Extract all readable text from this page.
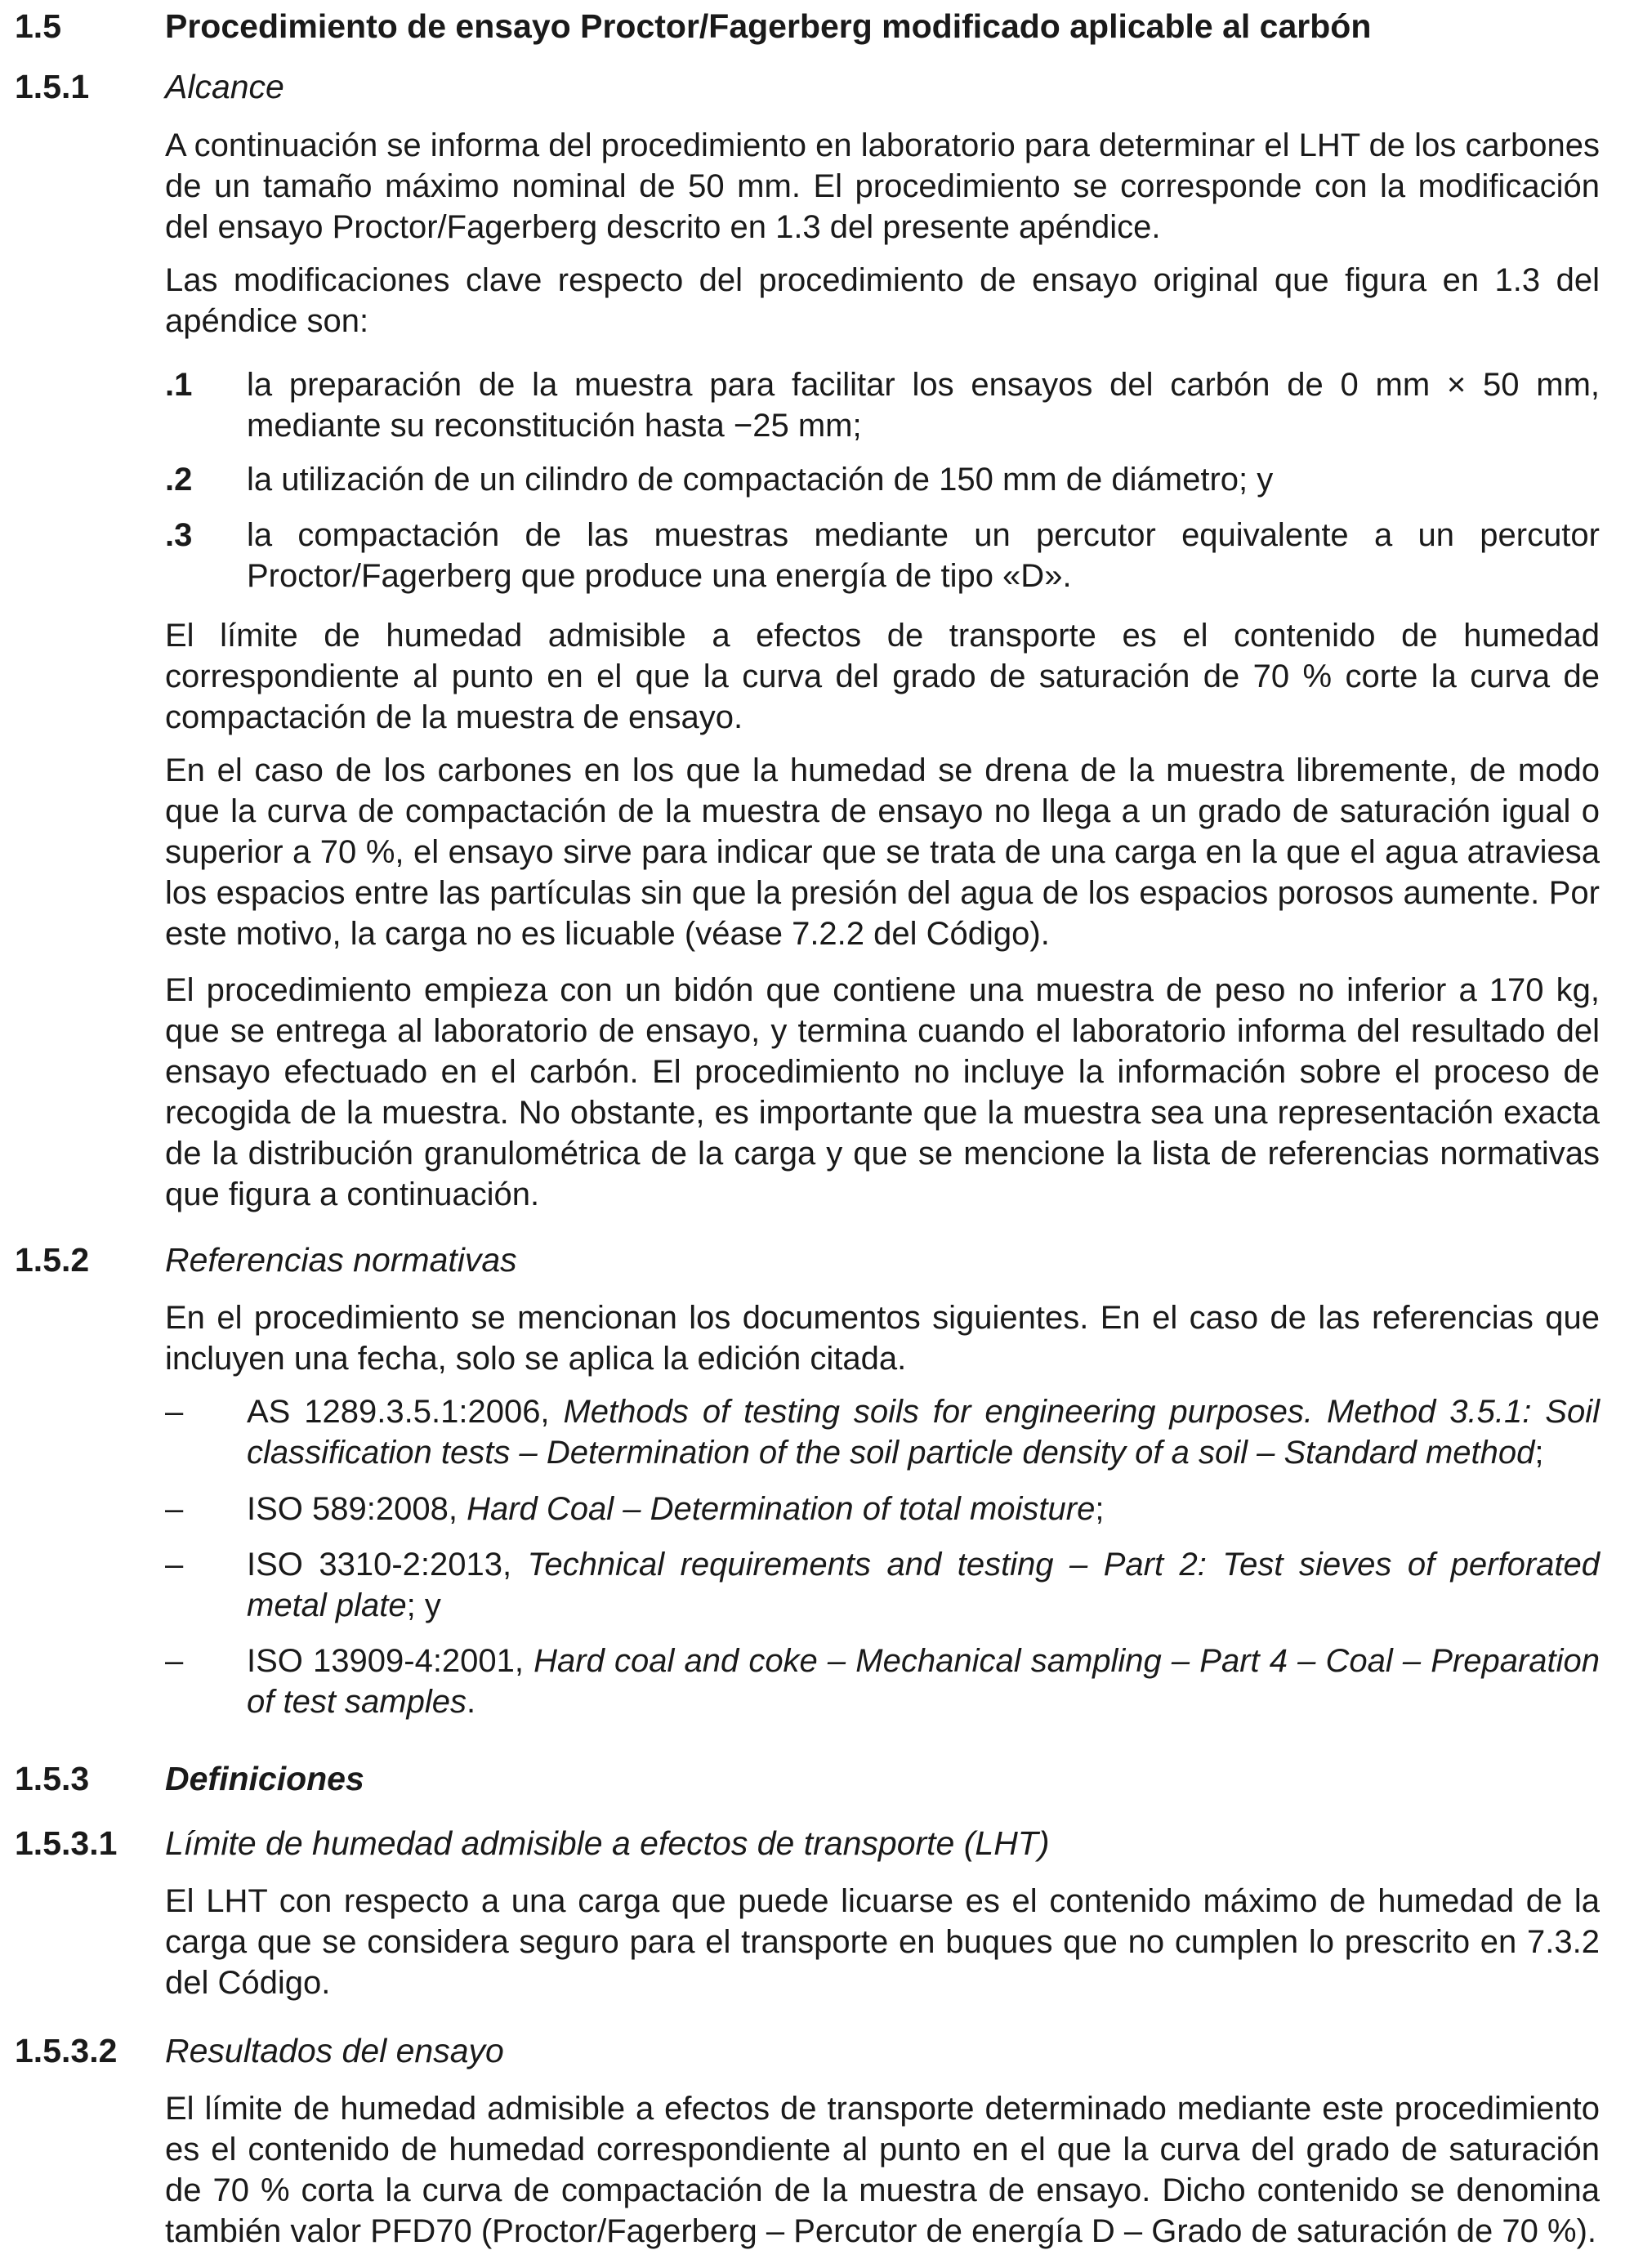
1.5	Procedimiento de ensayo Proctor/Fagerberg modificado aplicable al carbón
1.5.1 Alcance

A continuación se informa del procedimiento en laboratorio para determinar el LHT de los carbones de un tamaño máximo nominal de 50 mm. El procedimiento se corresponde con la modificación del ensayo Proctor/Fagerberg descrito en 1.3 del presente apéndice.

Las modificaciones clave respecto del procedimiento de ensayo original que figura en 1.3 del apéndice son:

.1 la preparación de la muestra para facilitar los ensayos del carbón de 0 mm × 50 mm, mediante su reconstitución hasta −25 mm;
.2 la utilización de un cilindro de compactación de 150 mm de diámetro; y
.3 la compactación de las muestras mediante un percutor equivalente a un percutor Proctor/Fagerberg que produce una energía de tipo «D».

El límite de humedad admisible a efectos de transporte es el contenido de humedad correspondiente al punto en el que la curva del grado de saturación de 70 % corte la curva de compactación de la muestra de ensayo.

En el caso de los carbones en los que la humedad se drena de la muestra libremente, de modo que la curva de compactación de la muestra de ensayo no llega a un grado de saturación igual o superior a 70 %, el ensayo sirve para indicar que se trata de una carga en la que el agua atraviesa los espacios entre las partículas sin que la presión del agua de los espacios porosos aumente. Por este motivo, la carga no es licuable (véase 7.2.2 del Código).

El procedimiento empieza con un bidón que contiene una muestra de peso no inferior a 170 kg, que se entrega al laboratorio de ensayo, y termina cuando el laboratorio informa del resultado del ensayo efectuado en el carbón. El procedimiento no incluye la información sobre el proceso de recogida de la muestra. No obstante, es importante que la muestra sea una representación exacta de la distribución granulométrica de la carga y que se mencione la lista de referencias normativas que figura a continuación.

1.5.2 Referencias normativas

En el procedimiento se mencionan los documentos siguientes. En el caso de las referencias que incluyen una fecha, solo se aplica la edición citada.

– AS 1289.3.5.1:2006, Methods of testing soils for engineering purposes. Method 3.5.1: Soil classification tests – Determination of the soil particle density of a soil – Standard method;
– ISO 589:2008, Hard Coal – Determination of total moisture;
– ISO 3310-2:2013, Technical requirements and testing – Part 2: Test sieves of perforated metal plate; y
– ISO 13909-4:2001, Hard coal and coke – Mechanical sampling – Part 4 – Coal – Preparation of test samples.
1.5.3 Definiciones
1.5.3.1 Límite de humedad admisible a efectos de transporte (LHT)

El LHT con respecto a una carga que puede licuarse es el contenido máximo de humedad de la carga que se considera seguro para el transporte en buques que no cumplen lo prescrito en 7.3.2 del Código.

1.5.3.2 Resultados del ensayo

El límite de humedad admisible a efectos de transporte determinado mediante este procedimiento es el contenido de humedad correspondiente al punto en el que la curva del grado de saturación de 70 % corta la curva de compactación de la muestra de ensayo. Dicho contenido se denomina también valor PFD70 (Proctor/Fagerberg – Percutor de energía D – Grado de saturación de 70 %).
